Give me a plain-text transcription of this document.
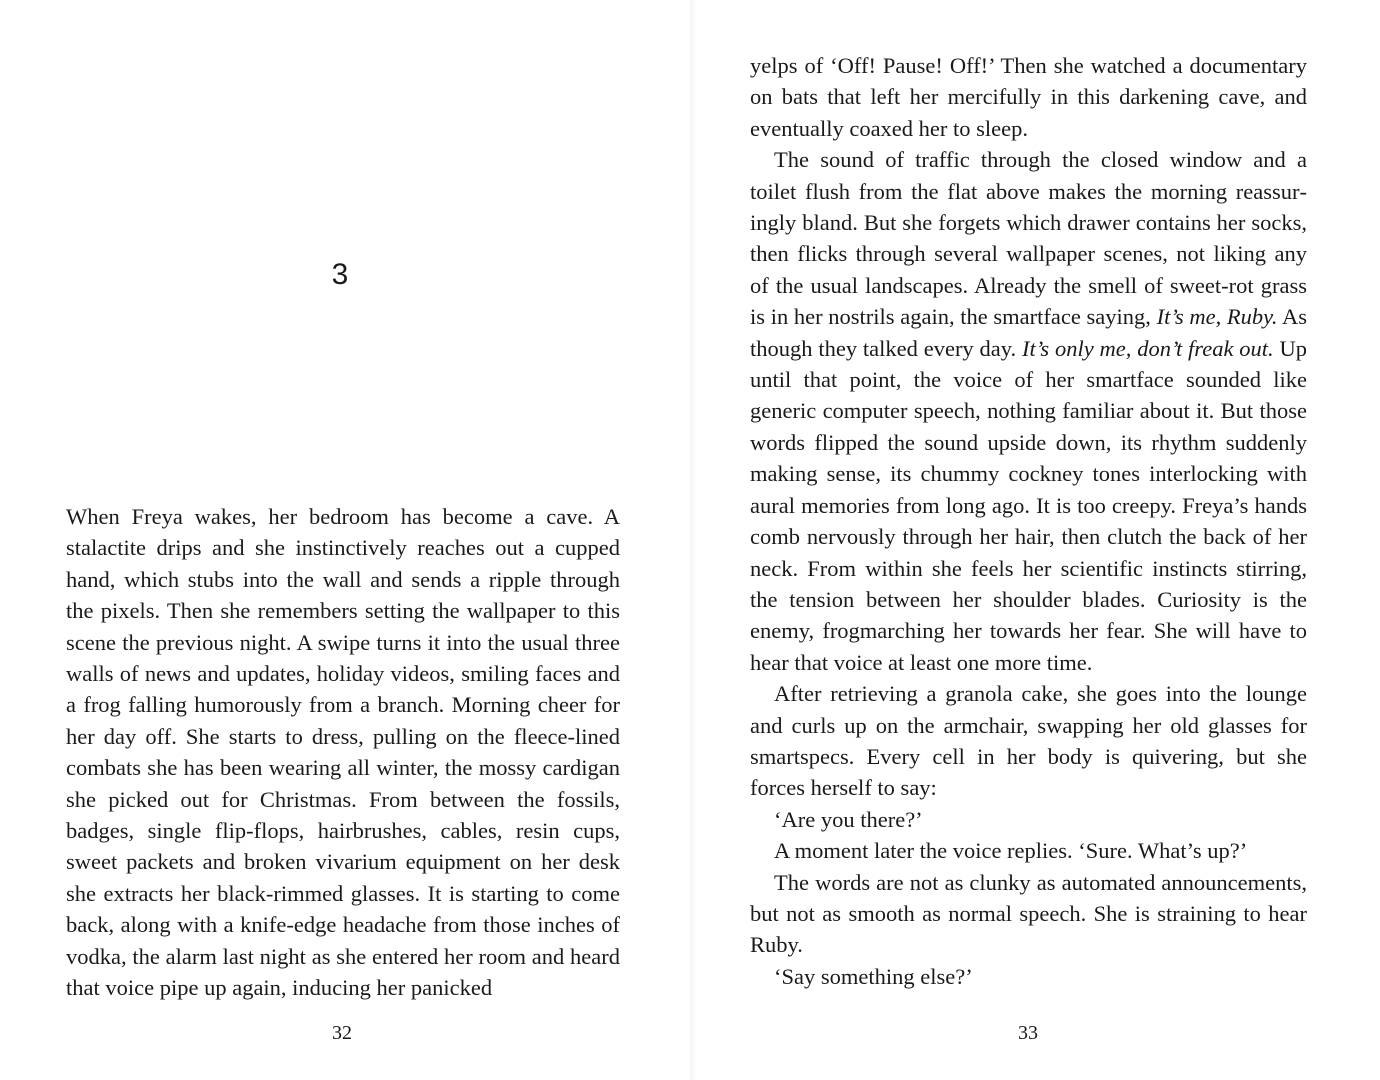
3

When Freya wakes, her bedroom has become a cave. A stalactite drips and she instinctively reaches out a cupped hand, which stubs into the wall and sends a ripple through the pixels. Then she remembers setting the wallpaper to this scene the previous night. A swipe turns it into the usual three walls of news and updates, holiday videos, smiling faces and a frog falling humorously from a branch. Morning cheer for her day off. She starts to dress, pulling on the fleece-lined combats she has been wearing all winter, the mossy cardigan she picked out for Christmas. From between the fossils, badges, single flip-flops, hairbrushes, cables, resin cups, sweet packets and broken vivarium equipment on her desk she extracts her black-rimmed glasses. It is starting to come back, along with a knife-edge headache from those inches of vodka, the alarm last night as she entered her room and heard that voice pipe up again, inducing her panicked

32

yelps of ‘Off! Pause! Off!’ Then she watched a documentary on bats that left her mercifully in this darkening cave, and eventually coaxed her to sleep.

The sound of traffic through the closed window and a toilet flush from the flat above makes the morning reassuringly bland. But she forgets which drawer contains her socks, then flicks through several wallpaper scenes, not liking any of the usual landscapes. Already the smell of sweet-rot grass is in her nostrils again, the smartface saying, It’s me, Ruby. As though they talked every day. It’s only me, don’t freak out. Up until that point, the voice of her smartface sounded like generic computer speech, nothing familiar about it. But those words flipped the sound upside down, its rhythm suddenly making sense, its chummy cockney tones interlocking with aural memories from long ago. It is too creepy. Freya’s hands comb nervously through her hair, then clutch the back of her neck. From within she feels her scientific instincts stirring, the tension between her shoulder blades. Curiosity is the enemy, frogmarching her towards her fear. She will have to hear that voice at least one more time.

After retrieving a granola cake, she goes into the lounge and curls up on the armchair, swapping her old glasses for smartspecs. Every cell in her body is quivering, but she forces herself to say:

‘Are you there?’

A moment later the voice replies. ‘Sure. What’s up?’

The words are not as clunky as automated announcements, but not as smooth as normal speech. She is straining to hear Ruby.

‘Say something else?’

33
